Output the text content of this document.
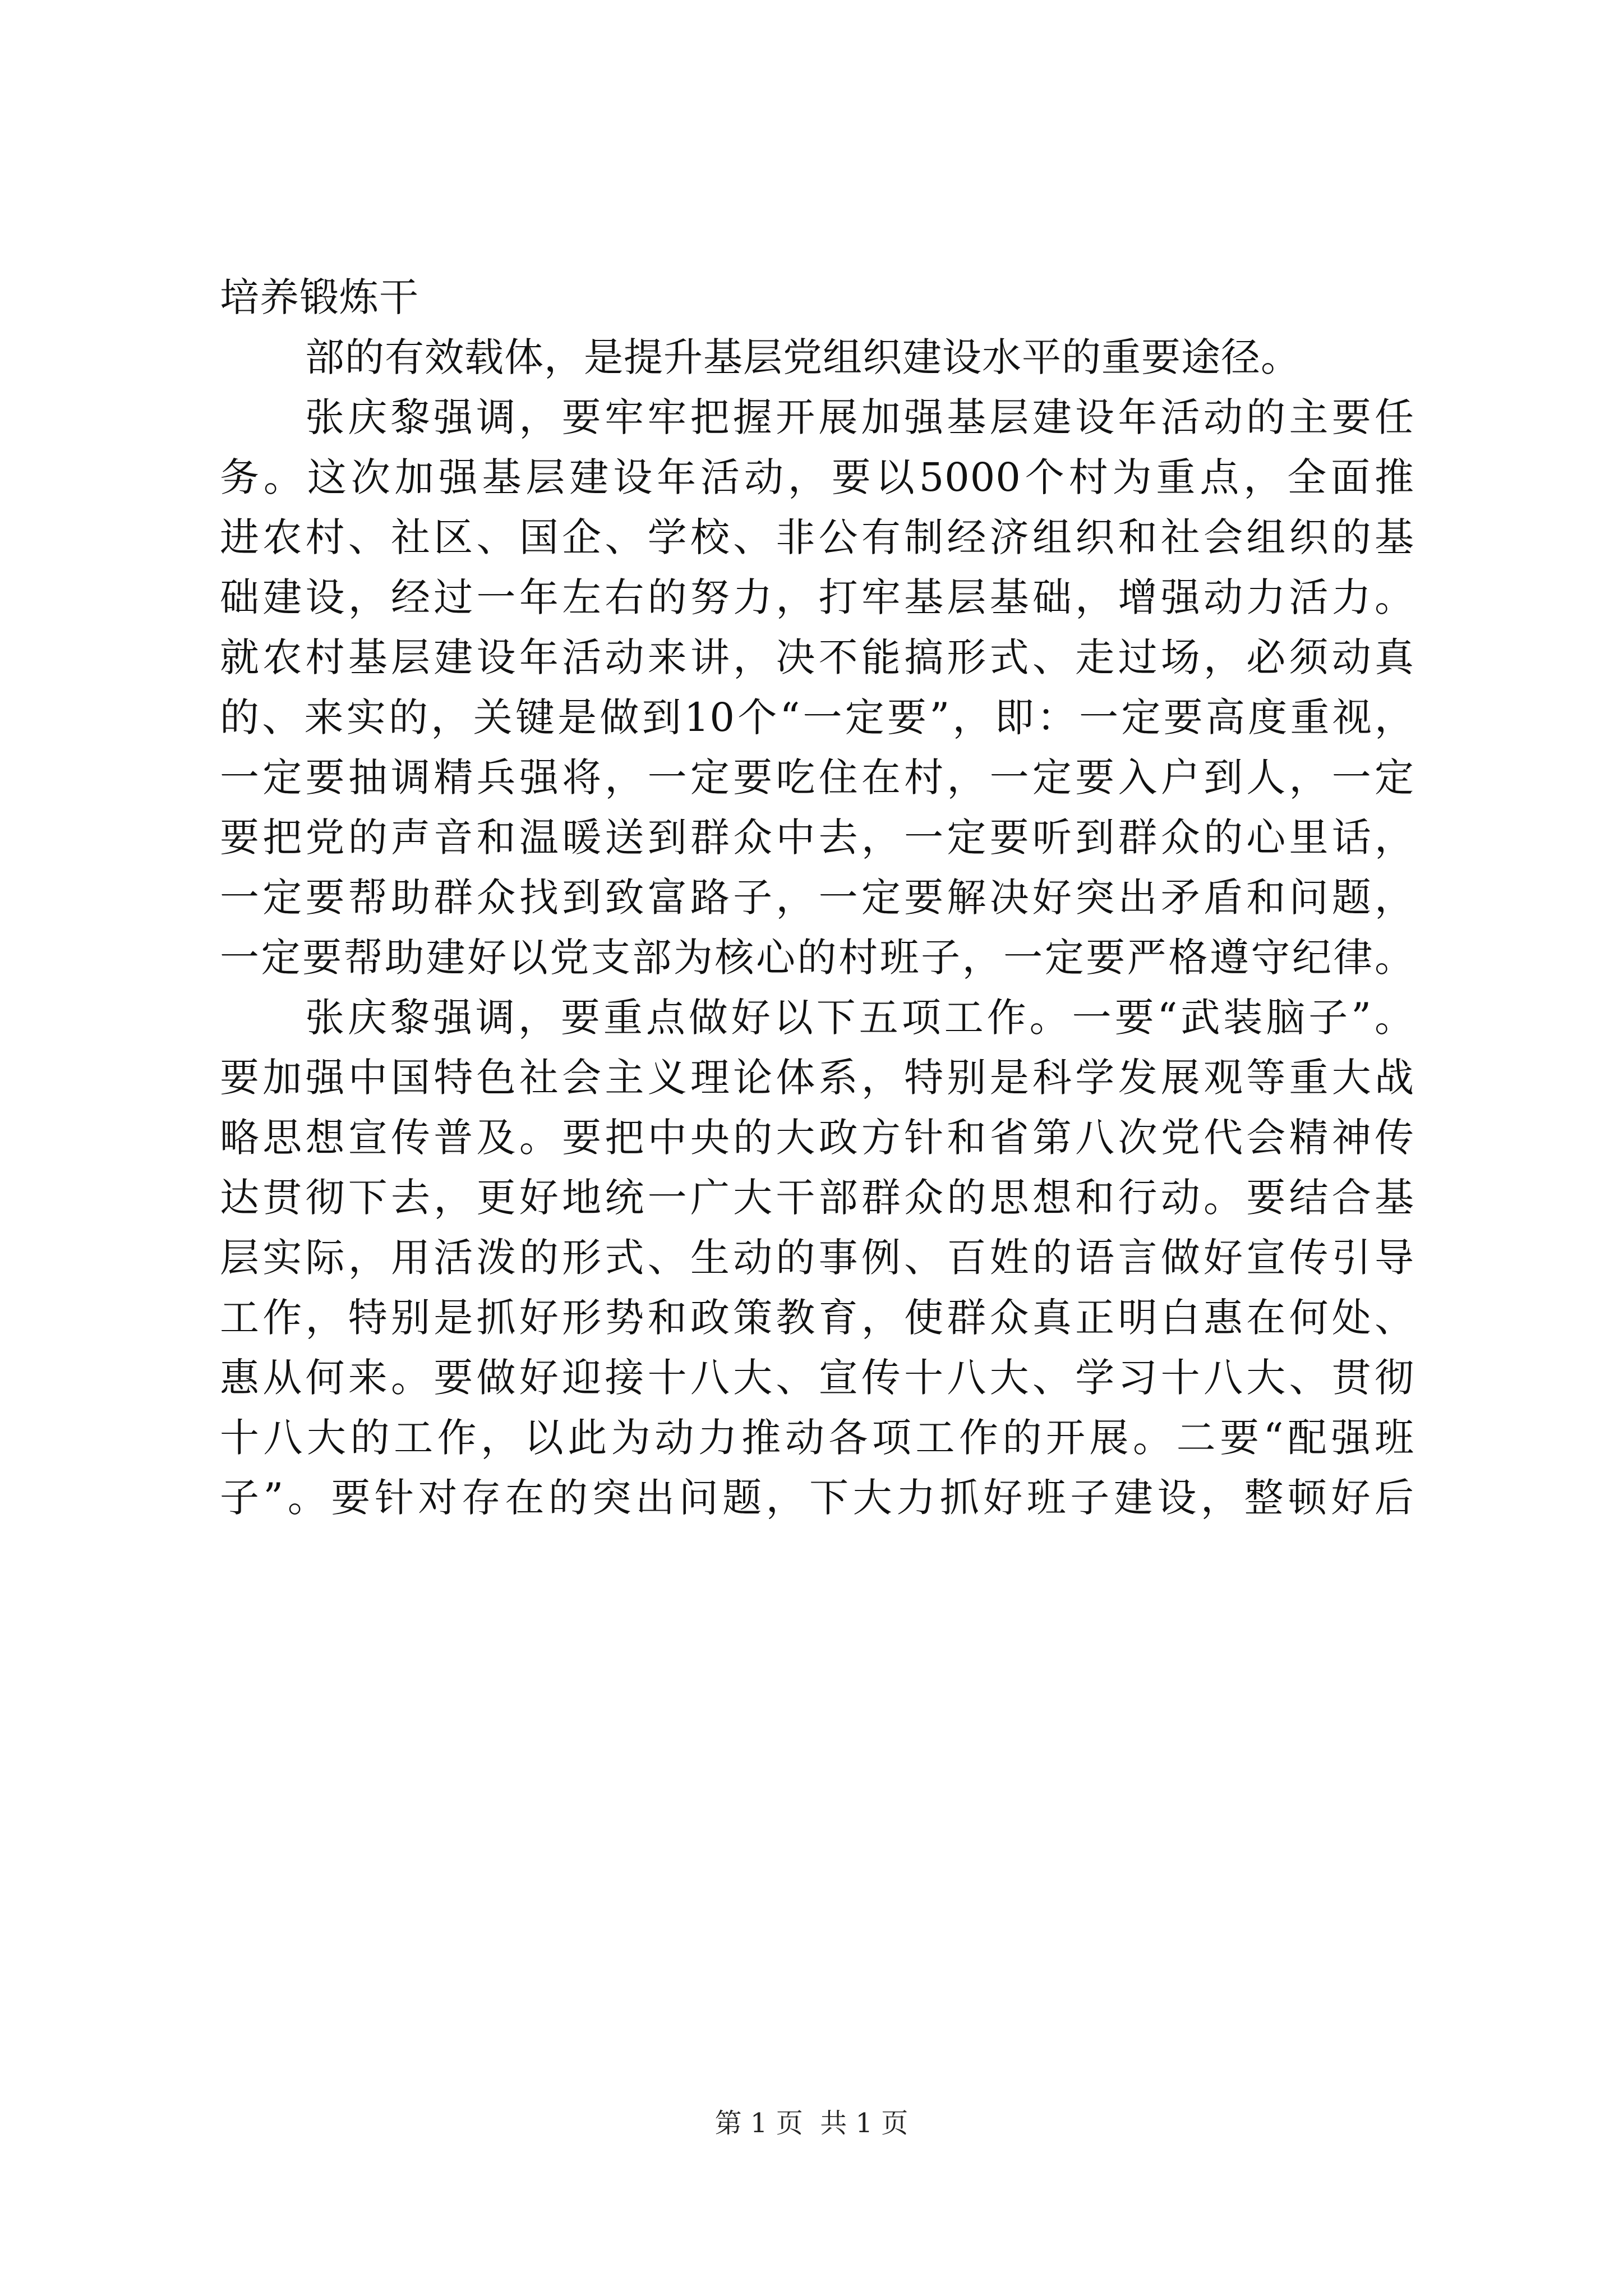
培养锻炼干
部的有效载体，是提升基层党组织建设水平的重要途径。
张庆黎强调，要牢牢把握开展加强基层建设年活动的主要任
务。这次加强基层建设年活动，要以5000个村为重点，全面推
进农村、社区、国企、学校、非公有制经济组织和社会组织的基
础建设，经过一年左右的努力，打牢基层基础，增强动力活力。
就农村基层建设年活动来讲，决不能搞形式、走过场，必须动真
的、来实的，关键是做到10个“一定要”，即：一定要高度重视，
一定要抽调精兵强将，一定要吃住在村，一定要入户到人，一定
要把党的声音和温暖送到群众中去，一定要听到群众的心里话，
一定要帮助群众找到致富路子，一定要解决好突出矛盾和问题，
一定要帮助建好以党支部为核心的村班子，一定要严格遵守纪律。
张庆黎强调，要重点做好以下五项工作。一要“武装脑子”。
要加强中国特色社会主义理论体系，特别是科学发展观等重大战
略思想宣传普及。要把中央的大政方针和省第八次党代会精神传
达贯彻下去，更好地统一广大干部群众的思想和行动。要结合基
层实际，用活泼的形式、生动的事例、百姓的语言做好宣传引导
工作，特别是抓好形势和政策教育，使群众真正明白惠在何处、
惠从何来。要做好迎接十八大、宣传十八大、学习十八大、贯彻
十八大的工作，以此为动力推动各项工作的开展。二要“配强班
子”。要针对存在的突出问题，下大力抓好班子建设，整顿好后
第 1 页  共 1 页
